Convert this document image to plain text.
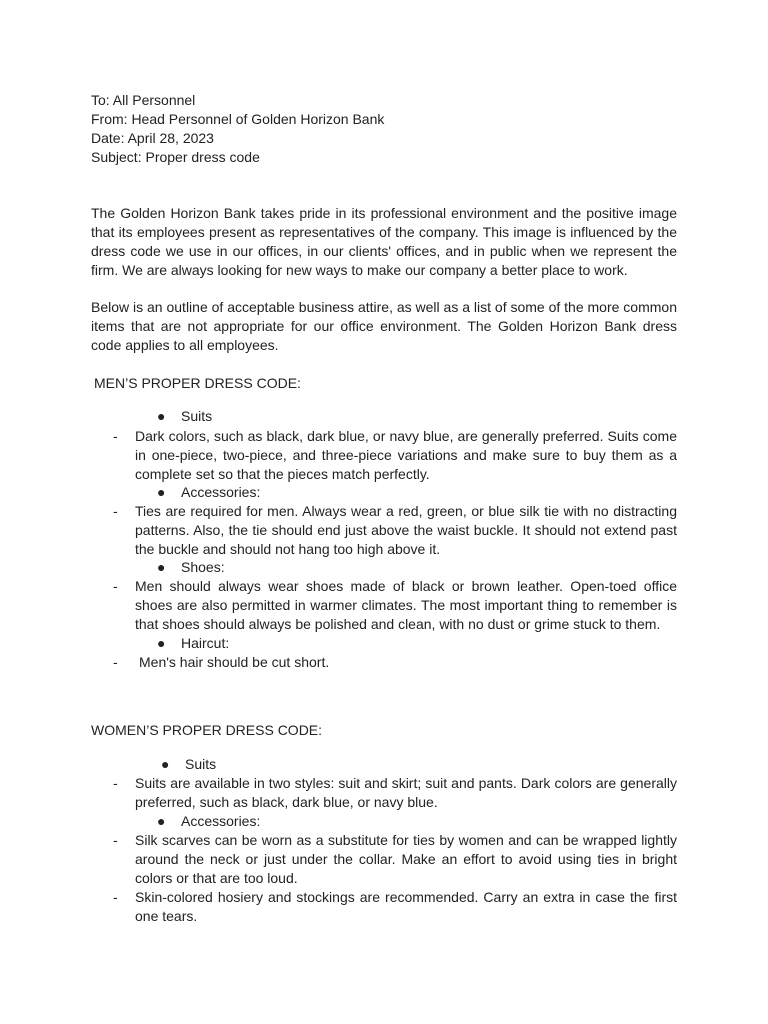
To: All Personnel
From: Head Personnel of Golden Horizon Bank
Date: April 28, 2023
Subject: Proper dress code

The Golden Horizon Bank takes pride in its professional environment and the positive image that its employees present as representatives of the company. This image is influenced by the dress code we use in our offices, in our clients' offices, and in public when we represent the firm. We are always looking for new ways to make our company a better place to work.

Below is an outline of acceptable business attire, as well as a list of some of the more common items that are not appropriate for our office environment. The Golden Horizon Bank dress code applies to all employees.

MEN’S PROPER DRESS CODE:
● Suits
- Dark colors, such as black, dark blue, or navy blue, are generally preferred. Suits come in one-piece, two-piece, and three-piece variations and make sure to buy them as a complete set so that the pieces match perfectly.

● Accessories:
- Ties are required for men. Always wear a red, green, or blue silk tie with no distracting patterns. Also, the tie should end just above the waist buckle. It should not extend past the buckle and should not hang too high above it.

● Shoes:
- Men should always wear shoes made of black or brown leather. Open-toed office shoes are also permitted in warmer climates. The most important thing to remember is that shoes should always be polished and clean, with no dust or grime stuck to them.

● Haircut:
- Men's hair should be cut short.

WOMEN’S PROPER DRESS CODE:
● Suits
- Suits are available in two styles: suit and skirt; suit and pants. Dark colors are generally preferred, such as black, dark blue, or navy blue.

● Accessories:
- Silk scarves can be worn as a substitute for ties by women and can be wrapped lightly around the neck or just under the collar. Make an effort to avoid using ties in bright colors or that are too loud.

- Skin-colored hosiery and stockings are recommended. Carry an extra in case the first one tears.
